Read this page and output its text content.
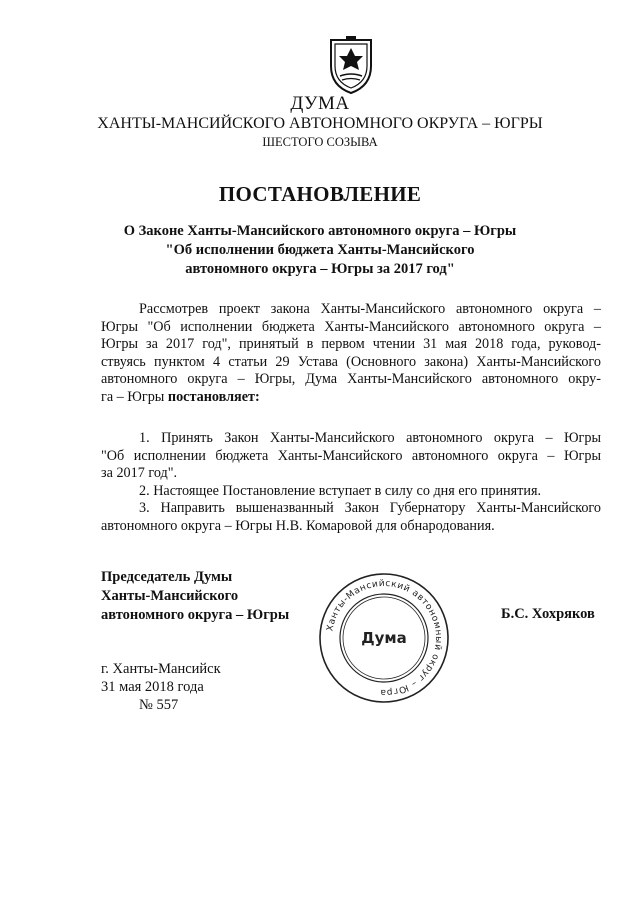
ДУМА
ХАНТЫ-МАНСИЙСКОГО АВТОНОМНОГО ОКРУГА – ЮГРЫ
ШЕСТОГО СОЗЫВА
ПОСТАНОВЛЕНИЕ
О Законе Ханты-Мансийского автономного округа – Югры
"Об исполнении бюджета Ханты-Мансийского
автономного округа – Югры за 2017 год"
Рассмотрев проект закона Ханты-Мансийского автономного округа –
Югры "Об исполнении бюджета Ханты-Мансийского автономного округа –
Югры за 2017 год", принятый в первом чтении 31 мая 2018 года, руковод-
ствуясь пунктом 4 статьи 29 Устава (Основного закона) Ханты-Мансийского
автономного округа – Югры, Дума Ханты-Мансийского автономного окру-
га – Югры постановляет:
1. Принять Закон Ханты-Мансийского автономного округа – Югры
"Об исполнении бюджета Ханты-Мансийского автономного округа – Югры
за 2017 год".
2. Настоящее Постановление вступает в силу со дня его принятия.
3. Направить вышеназванный Закон Губернатору Ханты-Мансийского
автономного округа – Югры Н.В. Комаровой для обнародования.
Председатель Думы
Ханты-Мансийского
автономного округа – Югры
Ханты-Мансийский автономный округ – Югра
Дума
Б.С. Хохряков
г. Ханты-Мансийск
31 мая 2018 года
№ 557
